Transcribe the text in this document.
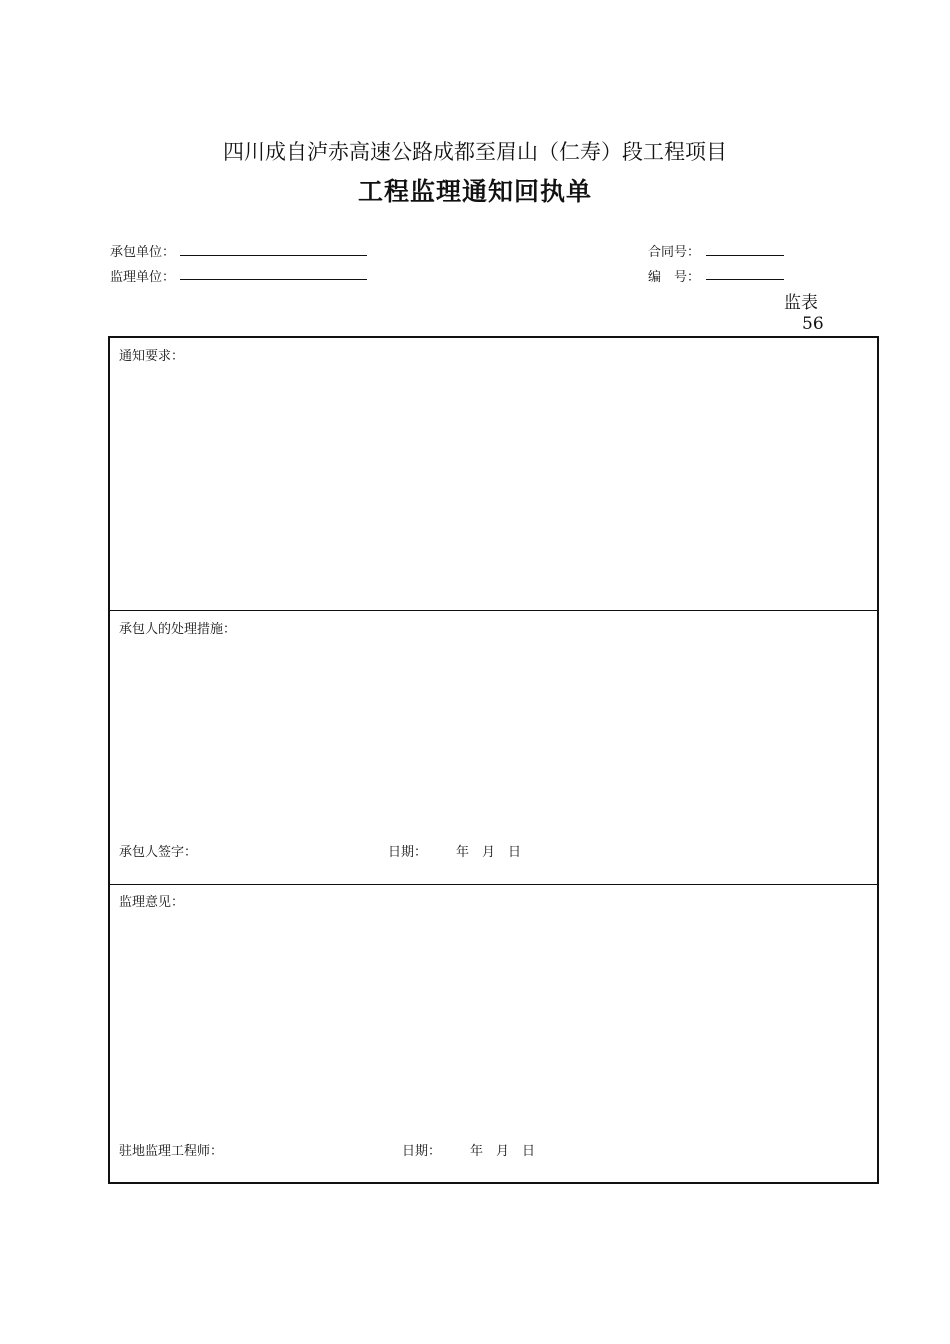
四川成自泸赤高速公路成都至眉山（仁寿）段工程项目
工程监理通知回执单
承包单位：
监理单位：
合同号：
编　号：
监表
56
通知要求：
承包人的处理措施：
承包人签字：	日期： 年　月　日
监理意见：
驻地监理工程师：	日期： 年　月　日
